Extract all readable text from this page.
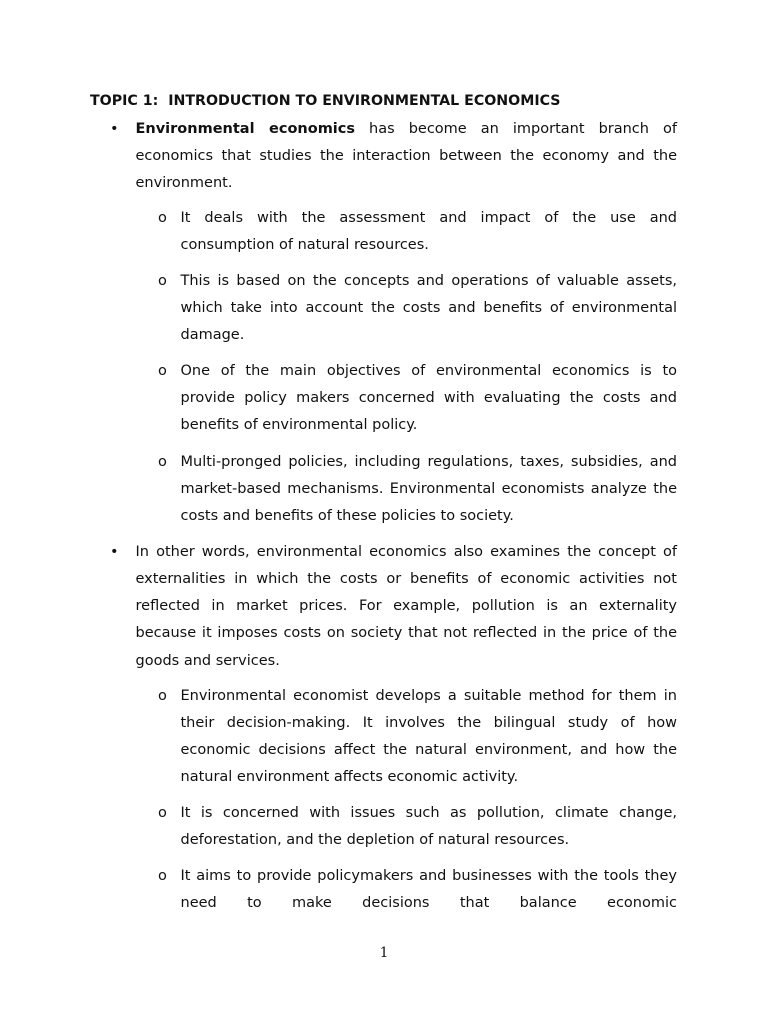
TOPIC 1:  INTRODUCTION TO ENVIRONMENTAL ECONOMICS
• Environmental economics has become an important branch of economics that studies the interaction between the economy and the environment.
o It deals with the assessment and impact of the use and consumption of natural resources.
o This is based on the concepts and operations of valuable assets, which take into account the costs and benefits of environmental damage.
o One of the main objectives of environmental economics is to provide policy makers concerned with evaluating the costs and benefits of environmental policy.
o Multi-pronged policies, including regulations, taxes, subsidies, and market-based mechanisms. Environmental economists analyze the costs and benefits of these policies to society.
• In other words, environmental economics also examines the concept of externalities in which the costs or benefits of economic activities not reflected in market prices. For example, pollution is an externality because it imposes costs on society that not reflected in the price of the goods and services.
o Environmental economist develops a suitable method for them in their decision-making. It involves the bilingual study of how economic decisions affect the natural environment, and how the natural environment affects economic activity.
o It is concerned with issues such as pollution, climate change, deforestation, and the depletion of natural resources.
o It aims to provide policymakers and businesses with the tools they need to make decisions that balance economic
1
